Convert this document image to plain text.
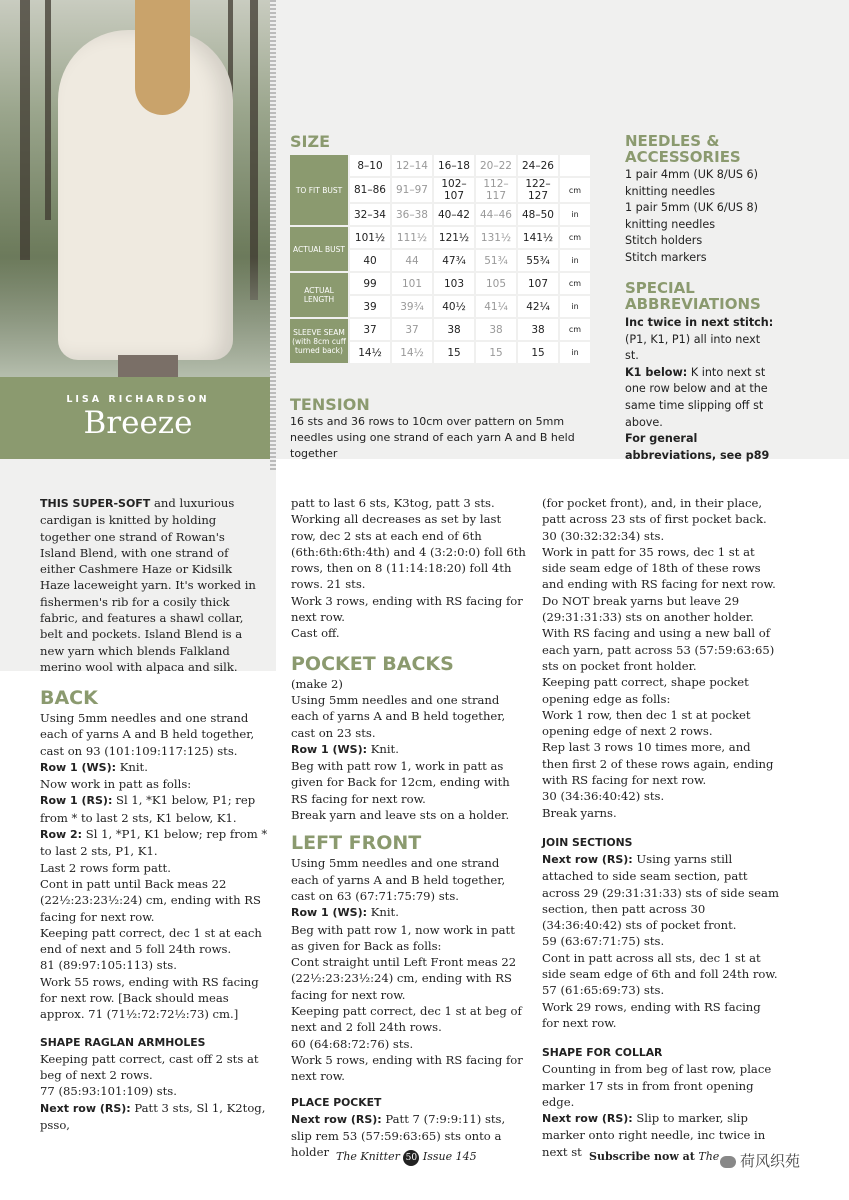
LISA RICHARDSON
Breeze
SIZE
TO FIT BUST	8–10	12–14	16–18	20–22	24–26	
	81–86	91–97	102–107	112–117	122–127	cm
	32–34	36–38	40–42	44–46	48–50	in
ACTUAL BUST	101½	111½	121½	131½	141½	cm
	40	44	47¾	51¾	55¾	in
ACTUAL LENGTH	99	101	103	105	107	cm
	39	39¾	40½	41¼	42¼	in
SLEEVE SEAM (with 8cm cuff turned back)	37	37	38	38	38	cm
	14½	14½	15	15	15	in
NEEDLES & ACCESSORIES
1 pair 4mm (UK 8/US 6)
knitting needles
1 pair 5mm (UK 6/US 8)
knitting needles
Stitch holders
Stitch markers
SPECIAL ABBREVIATIONS
Inc twice in next stitch:
(P1, K1, P1) all into next st.
K1 below: K into next st one row below and at the same time slipping off st above.
For general abbreviations, see p89
TENSION
16 sts and 36 rows to 10cm over pattern on 5mm needles using one strand of each yarn A and B held together

THIS SUPER-SOFT and luxurious cardigan is knitted by holding together one strand of Rowan's Island Blend, with one strand of either Cashmere Haze or Kidsilk Haze laceweight yarn. It's worked in fishermen's rib for a cosily thick fabric, and features a shawl collar, belt and pockets. Island Blend is a new yarn which blends Falkland merino wool with alpaca and silk.

BACK

Using 5mm needles and one strand each of yarns A and B held together, cast on 93 (101:109:117:125) sts.

Row 1 (WS): Knit.

Now work in patt as folls:

Row 1 (RS): Sl 1, *K1 below, P1; rep from * to last 2 sts, K1 below, K1.

Row 2: Sl 1, *P1, K1 below; rep from * to last 2 sts, P1, K1.

Last 2 rows form patt.

Cont in patt until Back meas 22 (22½:23:23½:24) cm, ending with RS facing for next row.

Keeping patt correct, dec 1 st at each end of next and 5 foll 24th rows.

81 (89:97:105:113) sts.

Work 55 rows, ending with RS facing for next row. [Back should meas approx. 71 (71½:72:72½:73) cm.]

SHAPE RAGLAN ARMHOLES

Keeping patt correct, cast off 2 sts at beg of next 2 rows.

77 (85:93:101:109) sts.

Next row (RS): Patt 3 sts, Sl 1, K2tog, psso,

patt to last 6 sts, K3tog, patt 3 sts.

Working all decreases as set by last row, dec 2 sts at each end of 6th (6th:6th:6th:4th) and 4 (3:2:0:0) foll 6th rows, then on 8 (11:14:18:20) foll 4th rows. 21 sts.

Work 3 rows, ending with RS facing for next row.

Cast off.

POCKET BACKS

(make 2)

Using 5mm needles and one strand each of yarns A and B held together, cast on 23 sts.

Row 1 (WS): Knit.

Beg with patt row 1, work in patt as given for Back for 12cm, ending with RS facing for next row.

Break yarn and leave sts on a holder.

LEFT FRONT

Using 5mm needles and one strand each of yarns A and B held together, cast on 63 (67:71:75:79) sts.

Row 1 (WS): Knit.

Beg with patt row 1, now work in patt as given for Back as folls:

Cont straight until Left Front meas 22 (22½:23:23½:24) cm, ending with RS facing for next row.

Keeping patt correct, dec 1 st at beg of next and 2 foll 24th rows.

60 (64:68:72:76) sts.

Work 5 rows, ending with RS facing for next row.

PLACE POCKET

Next row (RS): Patt 7 (7:9:9:11) sts, slip rem 53 (57:59:63:65) sts onto a holder

(for pocket front), and, in their place, patt across 23 sts of first pocket back.

30 (30:32:32:34) sts.

Work in patt for 35 rows, dec 1 st at side seam edge of 18th of these rows and ending with RS facing for next row.

Do NOT break yarns but leave 29 (29:31:31:33) sts on another holder.

With RS facing and using a new ball of each yarn, patt across 53 (57:59:63:65) sts on pocket front holder.

Keeping patt correct, shape pocket opening edge as folls:

Work 1 row, then dec 1 st at pocket opening edge of next 2 rows.

Rep last 3 rows 10 times more, and then first 2 of these rows again, ending with RS facing for next row.

30 (34:36:40:42) sts.

Break yarns.

JOIN SECTIONS

Next row (RS): Using yarns still attached to side seam section, patt across 29 (29:31:31:33) sts of side seam section, then patt across 30 (34:36:40:42) sts of pocket front.

59 (63:67:71:75) sts.

Cont in patt across all sts, dec 1 st at side seam edge of 6th and foll 24th row.

57 (61:65:69:73) sts.

Work 29 rows, ending with RS facing for next row.

SHAPE FOR COLLAR

Counting in from beg of last row, place marker 17 sts in from front opening edge.

Next row (RS): Slip to marker, slip marker onto right needle, inc twice in next st

The Knitter 50 Issue 145	Subscribe now at The	荷风织苑
